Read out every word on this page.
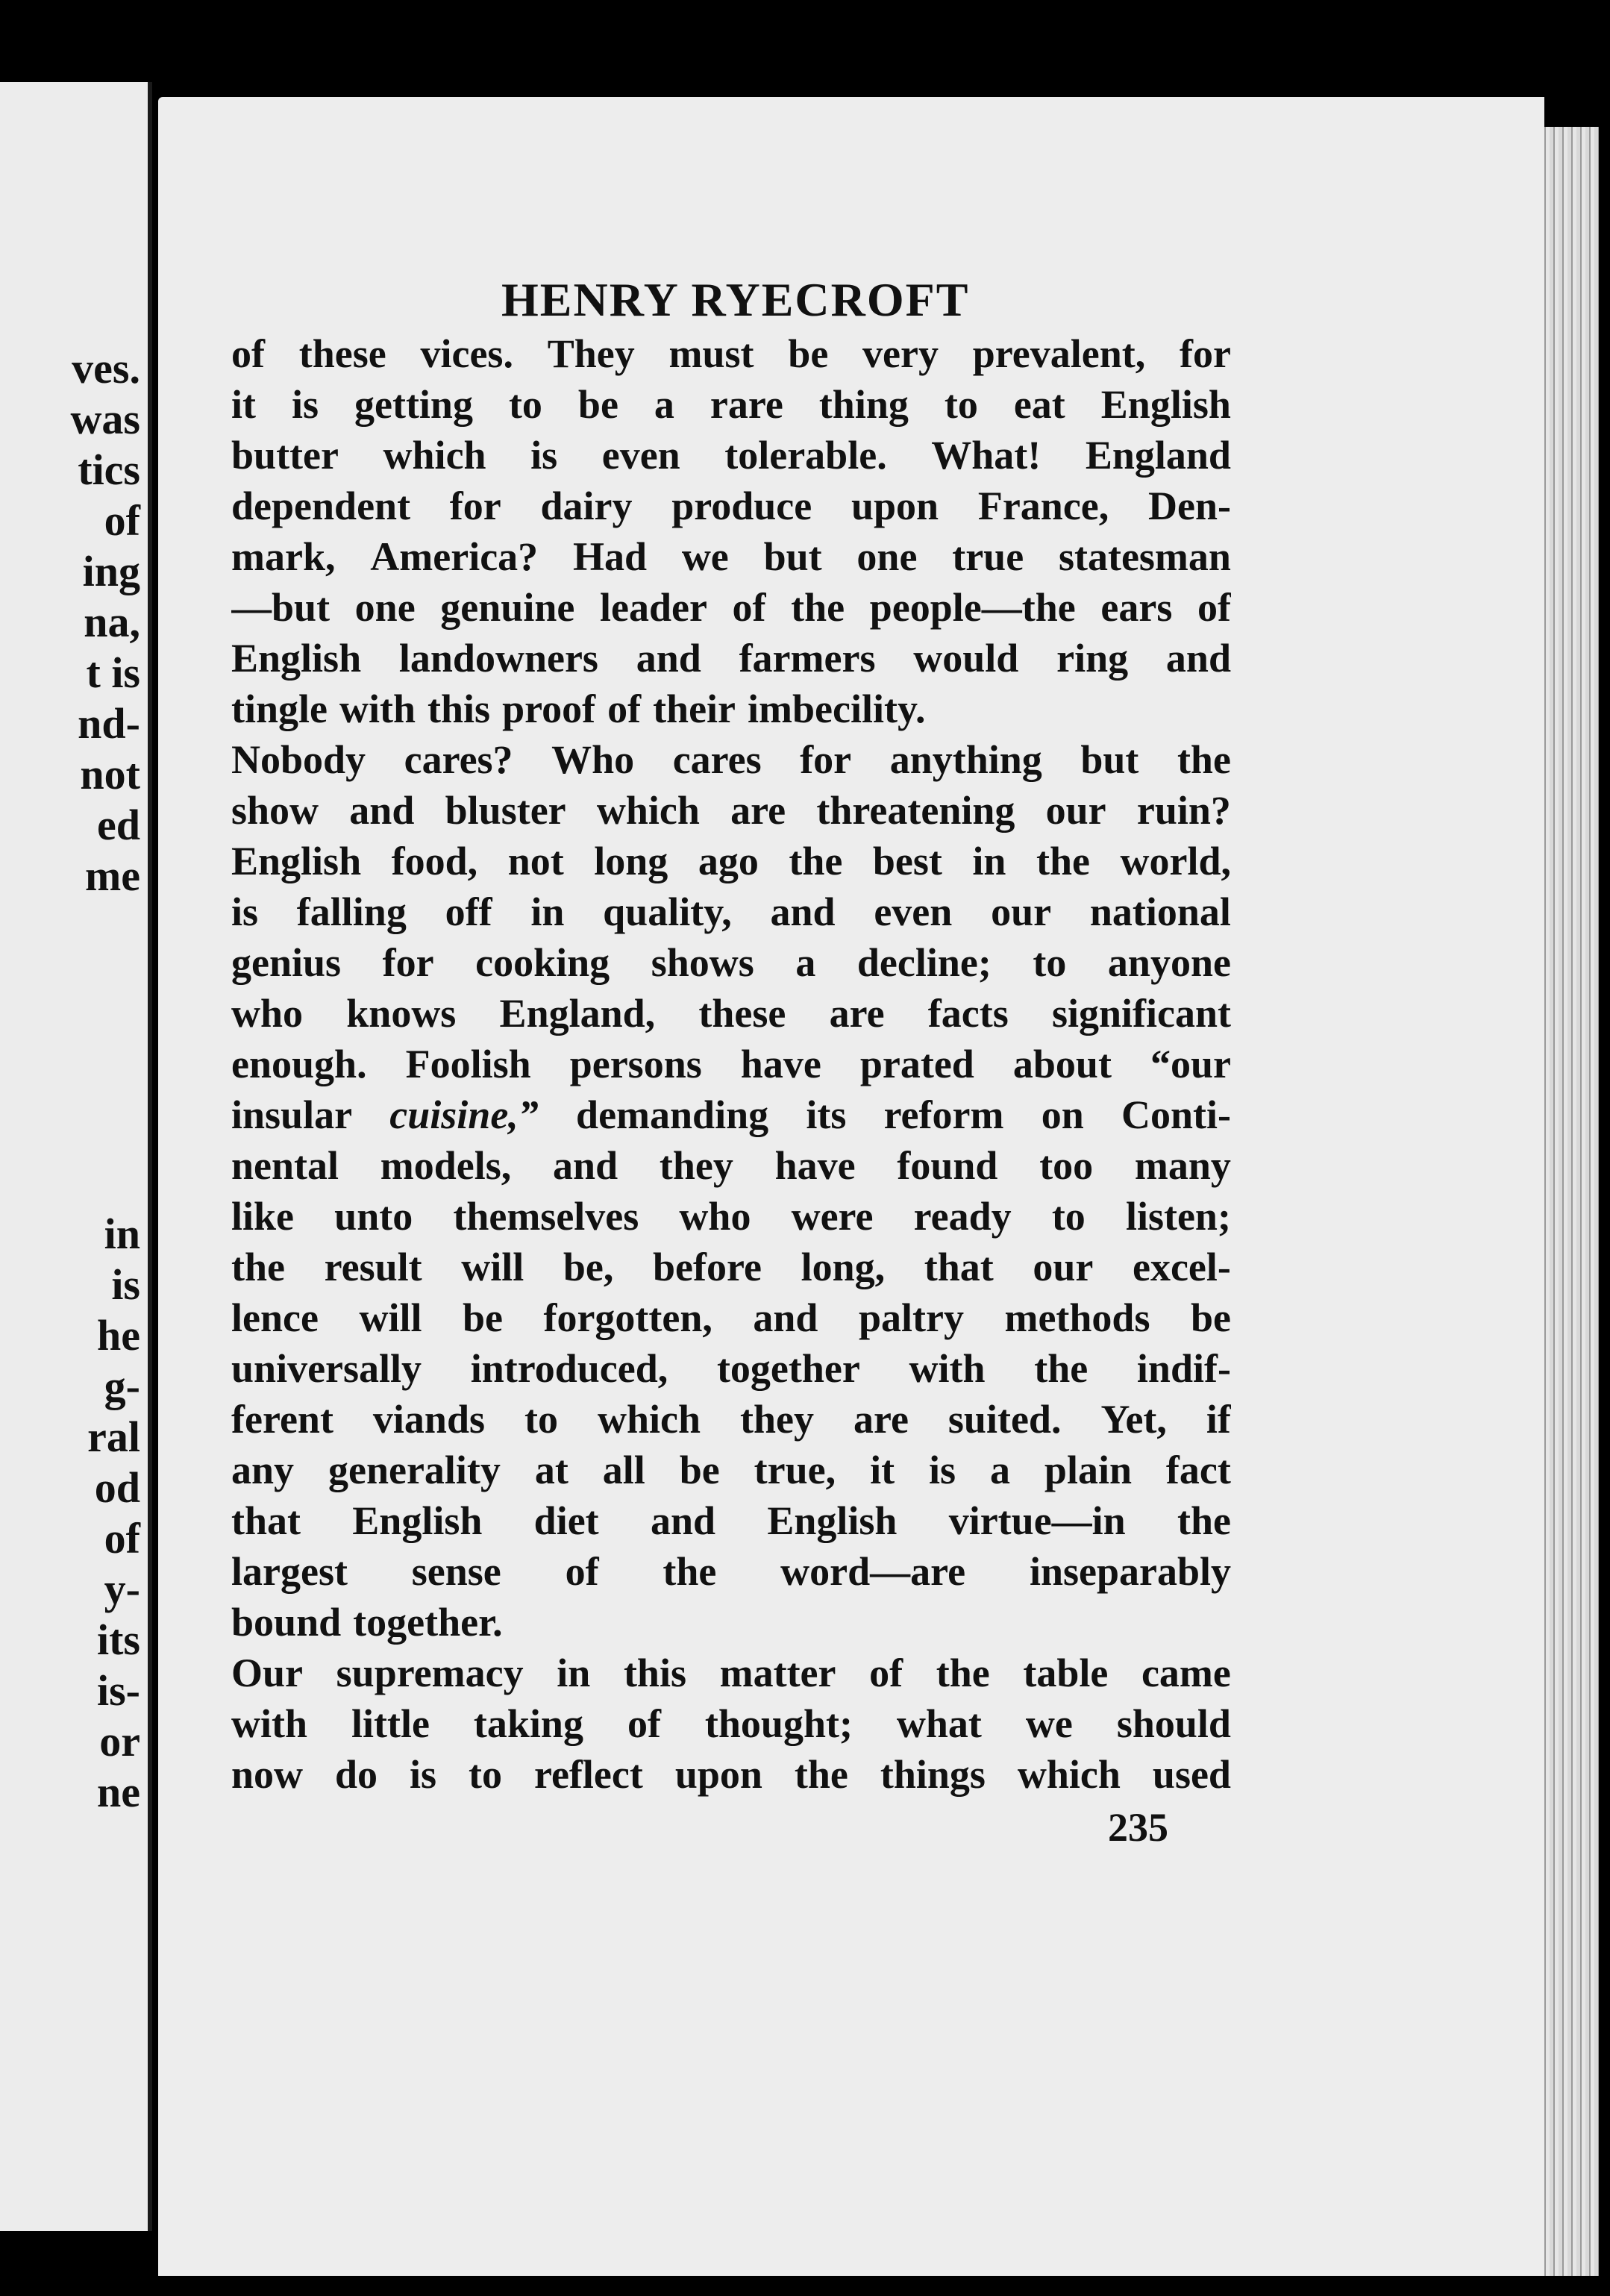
ves.
was
tics
of
ing
na,
t is
nd-
not
ed
me
in
is
he
g-
ral
od
of
y-
its
is-
or
ne
HENRY RYECROFT
of these vices. They must be very prevalent, for
it is getting to be a rare thing to eat English
butter which is even tolerable. What! England
dependent for dairy produce upon France, Den-
mark, America? Had we but one true statesman
—but one genuine leader of the people—the ears of
English landowners and farmers would ring and
tingle with this proof of their imbecility.
Nobody cares? Who cares for anything but the
show and bluster which are threatening our ruin?
English food, not long ago the best in the world,
is falling off in quality, and even our national
genius for cooking shows a decline; to anyone
who knows England, these are facts significant
enough. Foolish persons have prated about “our
insular cuisine,” demanding its reform on Conti-
nental models, and they have found too many
like unto themselves who were ready to listen;
the result will be, before long, that our excel-
lence will be forgotten, and paltry methods be
universally introduced, together with the indif-
ferent viands to which they are suited. Yet, if
any generality at all be true, it is a plain fact
that English diet and English virtue—in the
largest sense of the word—are inseparably
bound together.
Our supremacy in this matter of the table came
with little taking of thought; what we should
now do is to reflect upon the things which used
235
